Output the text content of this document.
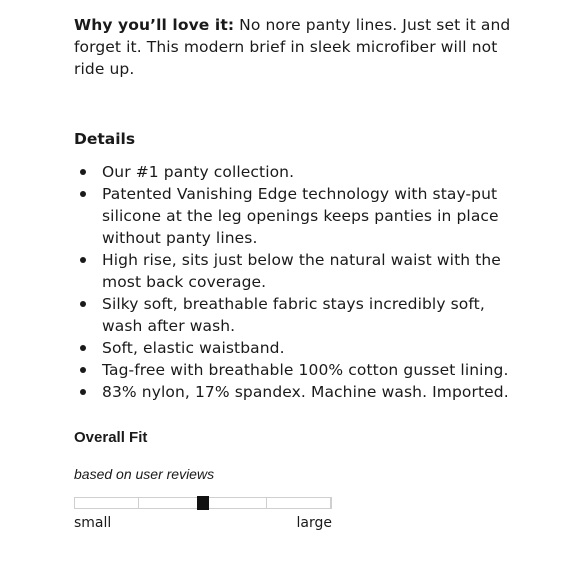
Why you’ll love it: No nore panty lines. Just set it and forget it. This modern brief in sleek microfiber will not ride up.

Details
Our #1 panty collection.
Patented Vanishing Edge technology with stay-put silicone at the leg openings keeps panties in place without panty lines.
High rise, sits just below the natural waist with the most back coverage.
Silky soft, breathable fabric stays incredibly soft, wash after wash.
Soft, elastic waistband.
Tag-free with breathable 100% cotton gusset lining.
83% nylon, 17% spandex. Machine wash. Imported.
Overall Fit

based on user reviews

small	large
